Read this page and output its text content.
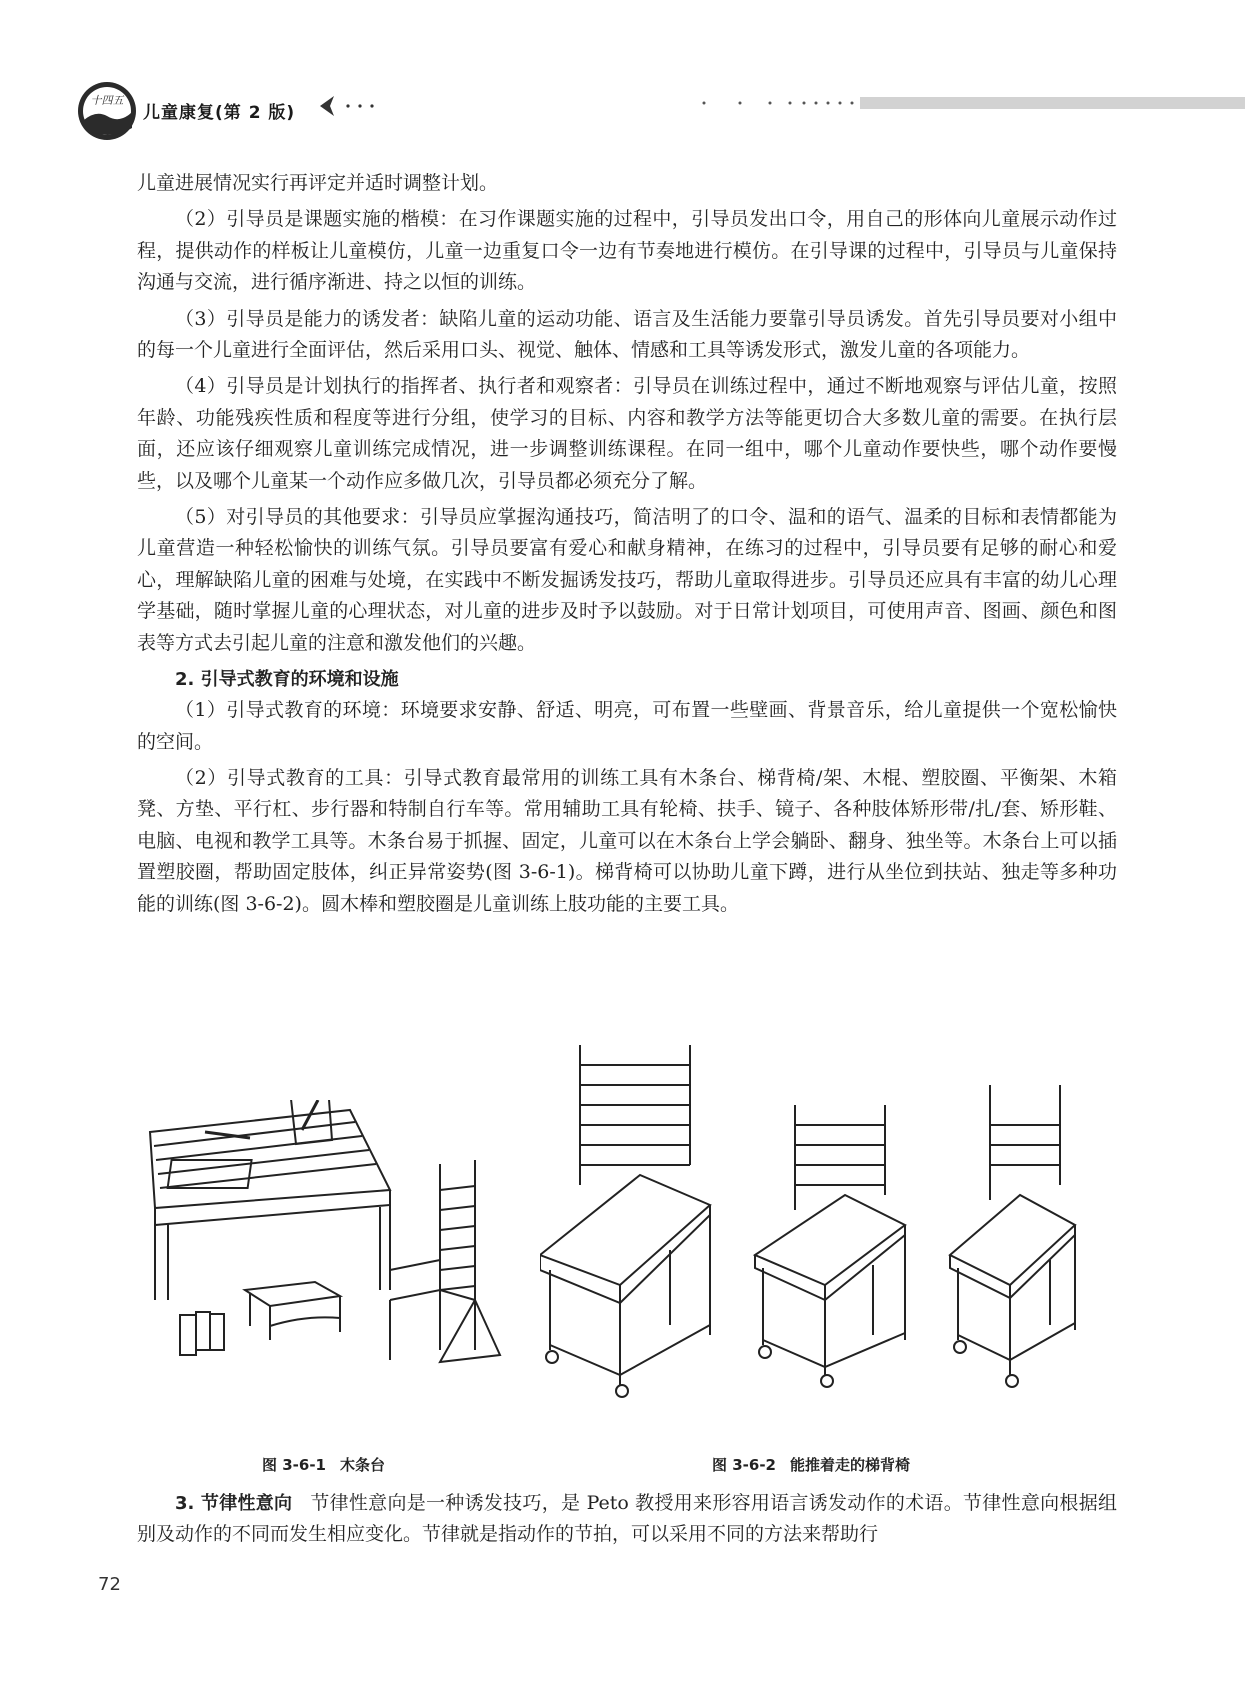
十四五
儿童康复(第 2 版)

儿童进展情况实行再评定并适时调整计划。

（2）引导员是课题实施的楷模：在习作课题实施的过程中，引导员发出口令，用自己的形体向儿童展示动作过程，提供动作的样板让儿童模仿，儿童一边重复口令一边有节奏地进行模仿。在引导课的过程中，引导员与儿童保持沟通与交流，进行循序渐进、持之以恒的训练。

（3）引导员是能力的诱发者：缺陷儿童的运动功能、语言及生活能力要靠引导员诱发。首先引导员要对小组中的每一个儿童进行全面评估，然后采用口头、视觉、触体、情感和工具等诱发形式，激发儿童的各项能力。

（4）引导员是计划执行的指挥者、执行者和观察者：引导员在训练过程中，通过不断地观察与评估儿童，按照年龄、功能残疾性质和程度等进行分组，使学习的目标、内容和教学方法等能更切合大多数儿童的需要。在执行层面，还应该仔细观察儿童训练完成情况，进一步调整训练课程。在同一组中，哪个儿童动作要快些，哪个动作要慢些，以及哪个儿童某一个动作应多做几次，引导员都必须充分了解。

（5）对引导员的其他要求：引导员应掌握沟通技巧，简洁明了的口令、温和的语气、温柔的目标和表情都能为儿童营造一种轻松愉快的训练气氛。引导员要富有爱心和献身精神，在练习的过程中，引导员要有足够的耐心和爱心，理解缺陷儿童的困难与处境，在实践中不断发掘诱发技巧，帮助儿童取得进步。引导员还应具有丰富的幼儿心理学基础，随时掌握儿童的心理状态，对儿童的进步及时予以鼓励。对于日常计划项目，可使用声音、图画、颜色和图表等方式去引起儿童的注意和激发他们的兴趣。

2. 引导式教育的环境和设施

（1）引导式教育的环境：环境要求安静、舒适、明亮，可布置一些壁画、背景音乐，给儿童提供一个宽松愉快的空间。

（2）引导式教育的工具：引导式教育最常用的训练工具有木条台、梯背椅/架、木棍、塑胶圈、平衡架、木箱凳、方垫、平行杠、步行器和特制自行车等。常用辅助工具有轮椅、扶手、镜子、各种肢体矫形带/扎/套、矫形鞋、电脑、电视和教学工具等。木条台易于抓握、固定，儿童可以在木条台上学会躺卧、翻身、独坐等。木条台上可以插置塑胶圈，帮助固定肢体，纠正异常姿势(图 3-6-1)。梯背椅可以协助儿童下蹲，进行从坐位到扶站、独走等多种功能的训练(图 3-6-2)。圆木棒和塑胶圈是儿童训练上肢功能的主要工具。

图 3-6-1 木条台	图 3-6-2 能推着走的梯背椅

3. 节律性意向 节律性意向是一种诱发技巧，是 Peto 教授用来形容用语言诱发动作的术语。节律性意向根据组别及动作的不同而发生相应变化。节律就是指动作的节拍，可以采用不同的方法来帮助行

72
